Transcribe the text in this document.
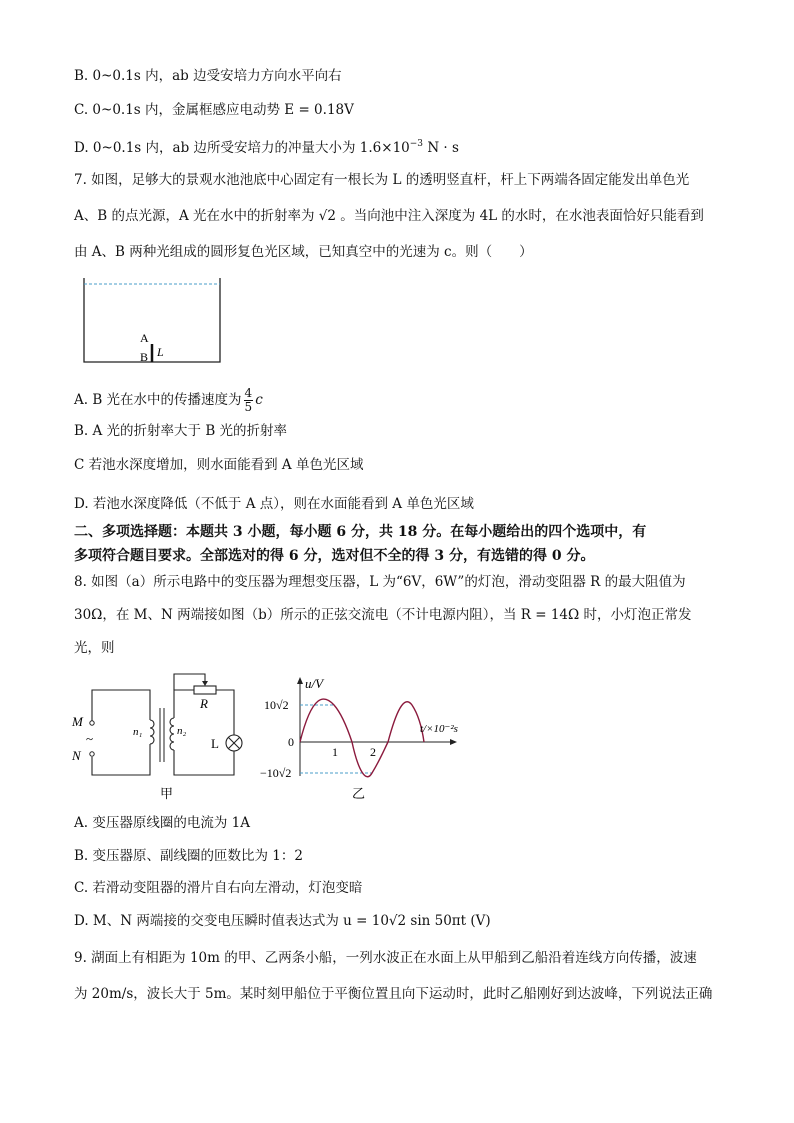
B. 0~0.1s 内，ab 边受安培力方向水平向右
C. 0~0.1s 内，金属框感应电动势 E = 0.18V
D. 0~0.1s 内，ab 边所受安培力的冲量大小为 $1.6\times 10^{-3}$ N · s
7. 如图，足够大的景观水池池底中心固定有一根长为 L 的透明竖直杆，杆上下两端各固定能发出单色光
A、B 的点光源，A 光在水中的折射率为 √2 。当向池中注入深度为 4L 的水时，在水池表面恰好只能看到
由 A、B 两种光组成的圆形复色光区域，已知真空中的光速为 c。则（　　）
A
B L
A. B 光在水中的传播速度为 $\frac{4}{5}$ c
B. A 光的折射率大于 B 光的折射率
C 若池水深度增加，则水面能看到 A 单色光区域
D. 若池水深度降低（不低于 A 点），则在水面能看到 A 单色光区域
二、多项选择题：本题共 3 小题，每小题 6 分，共 18 分。在每小题给出的四个选项中，有
多项符合题目要求。全部选对的得 6 分，选对但不全的得 3 分，有选错的得 0 分。
8. 如图（a）所示电路中的变压器为理想变压器，L 为“6V，6W”的灯泡，滑动变阻器 R 的最大阻值为
30Ω，在 M、N 两端接如图（b）所示的正弦交流电（不计电源内阻），当 R = 14Ω 时，小灯泡正常发
光，则
M
~
N
n₁	n₂
R
L
甲
u/V
10√2
0
−10√2
1	2
t/×10⁻²s
乙
A. 变压器原线圈的电流为 1A
B. 变压器原、副线圈的匝数比为 1：2
C. 若滑动变阻器的滑片自右向左滑动，灯泡变暗
D. M、N 两端接的交变电压瞬时值表达式为 u = 10√2 sin 50πt (V)
9. 湖面上有相距为 10m 的甲、乙两条小船，一列水波正在水面上从甲船到乙船沿着连线方向传播，波速
为 20m/s，波长大于 5m。某时刻甲船位于平衡位置且向下运动时，此时乙船刚好到达波峰，下列说法正确
